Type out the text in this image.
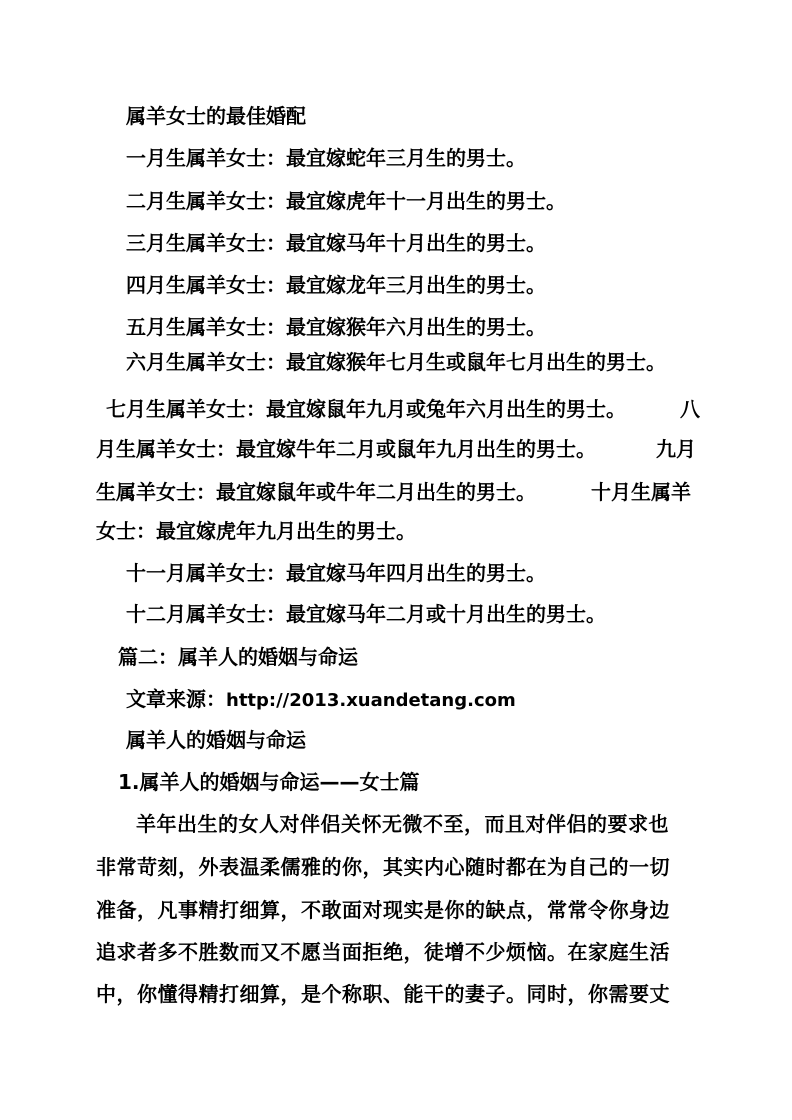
属羊女士的最佳婚配
一月生属羊女士：最宜嫁蛇年三月生的男士。
二月生属羊女士：最宜嫁虎年十一月出生的男士。
三月生属羊女士：最宜嫁马年十月出生的男士。
四月生属羊女士：最宜嫁龙年三月出生的男士。
五月生属羊女士：最宜嫁猴年六月出生的男士。
六月生属羊女士：最宜嫁猴年七月生或鼠年七月出生的男士。
七月生属羊女士：最宜嫁鼠年九月或兔年六月出生的男士。	八
月生属羊女士：最宜嫁牛年二月或鼠年九月出生的男士。	九月
生属羊女士：最宜嫁鼠年或牛年二月出生的男士。	十月生属羊
女士：最宜嫁虎年九月出生的男士。
十一月属羊女士：最宜嫁马年四月出生的男士。
十二月属羊女士：最宜嫁马年二月或十月出生的男士。
篇二：属羊人的婚姻与命运
文章来源：http://2013.xuandetang.com
属羊人的婚姻与命运
1.属羊人的婚姻与命运——女士篇
羊年出生的女人对伴侣关怀无微不至，而且对伴侣的要求也
非常苛刻，外表温柔儒雅的你，其实内心随时都在为自己的一切
准备，凡事精打细算，不敢面对现实是你的缺点，常常令你身边
追求者多不胜数而又不愿当面拒绝，徒增不少烦恼。在家庭生活
中，你懂得精打细算，是个称职、能干的妻子。同时，你需要丈
